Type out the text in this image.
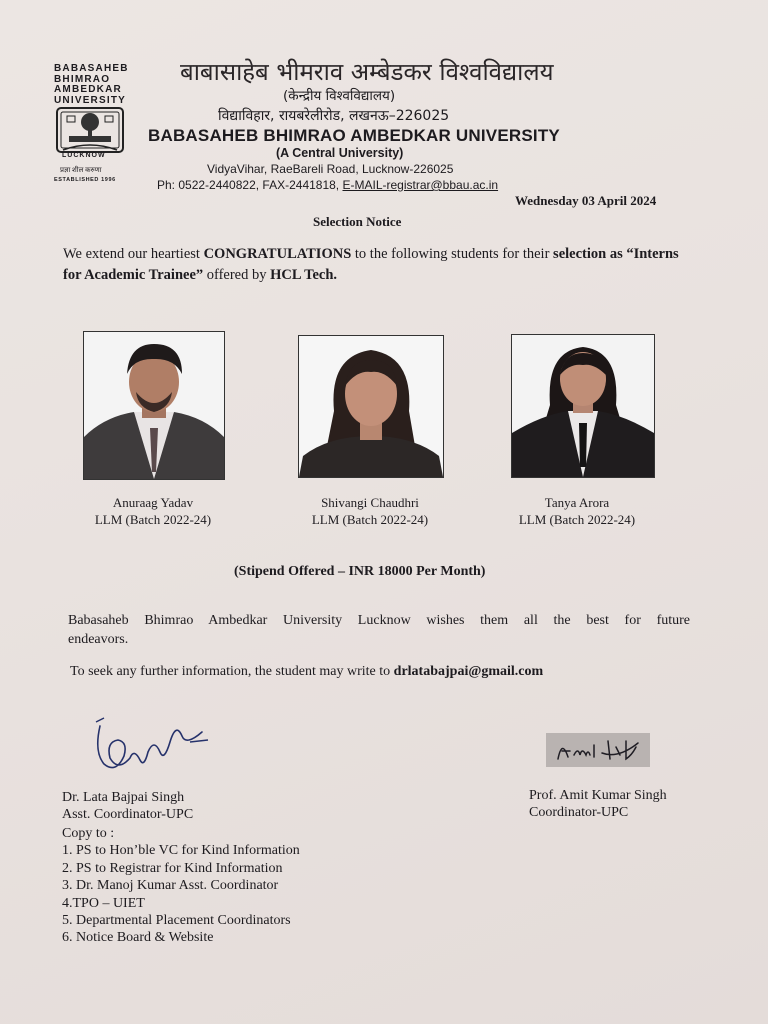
BABASAHEB
BHIMRAO
AMBEDKAR
UNIVERSITY
LUCKNOW
प्रज्ञा शील करुणा
ESTABLISHED 1996
बाबासाहेब भीमराव अम्बेडकर विश्वविद्यालय
(केन्द्रीय विश्वविद्यालय)
विद्याविहार, रायबरेलीरोड, लखनऊ–226025
BABASAHEB BHIMRAO AMBEDKAR UNIVERSITY
(A Central University)
VidyaVihar, RaeBareli Road, Lucknow-226025
Ph: 0522-2440822, FAX-2441818, E-MAIL-registrar@bbau.ac.in
Wednesday 03 April 2024
Selection Notice
We extend our heartiest CONGRATULATIONS to the following students for their selection as “Interns for Academic Trainee” offered by HCL Tech.
Anuraag Yadav
LLM (Batch 2022-24)
Shivangi Chaudhri
LLM (Batch 2022-24)
Tanya Arora
LLM (Batch 2022-24)
(Stipend Offered – INR 18000 Per Month)
Babasaheb Bhimrao Ambedkar University Lucknow wishes them all the best for future
endeavors.
To seek any further information, the student may write to drlatabajpai@gmail.com
Dr. Lata Bajpai Singh
Asst. Coordinator-UPC
Prof. Amit Kumar Singh
Coordinator-UPC
Copy to :
1. PS to Hon’ble VC for Kind Information
2. PS to Registrar for Kind Information
3. Dr. Manoj Kumar Asst. Coordinator
4.TPO – UIET
5. Departmental Placement Coordinators
6. Notice Board & Website
